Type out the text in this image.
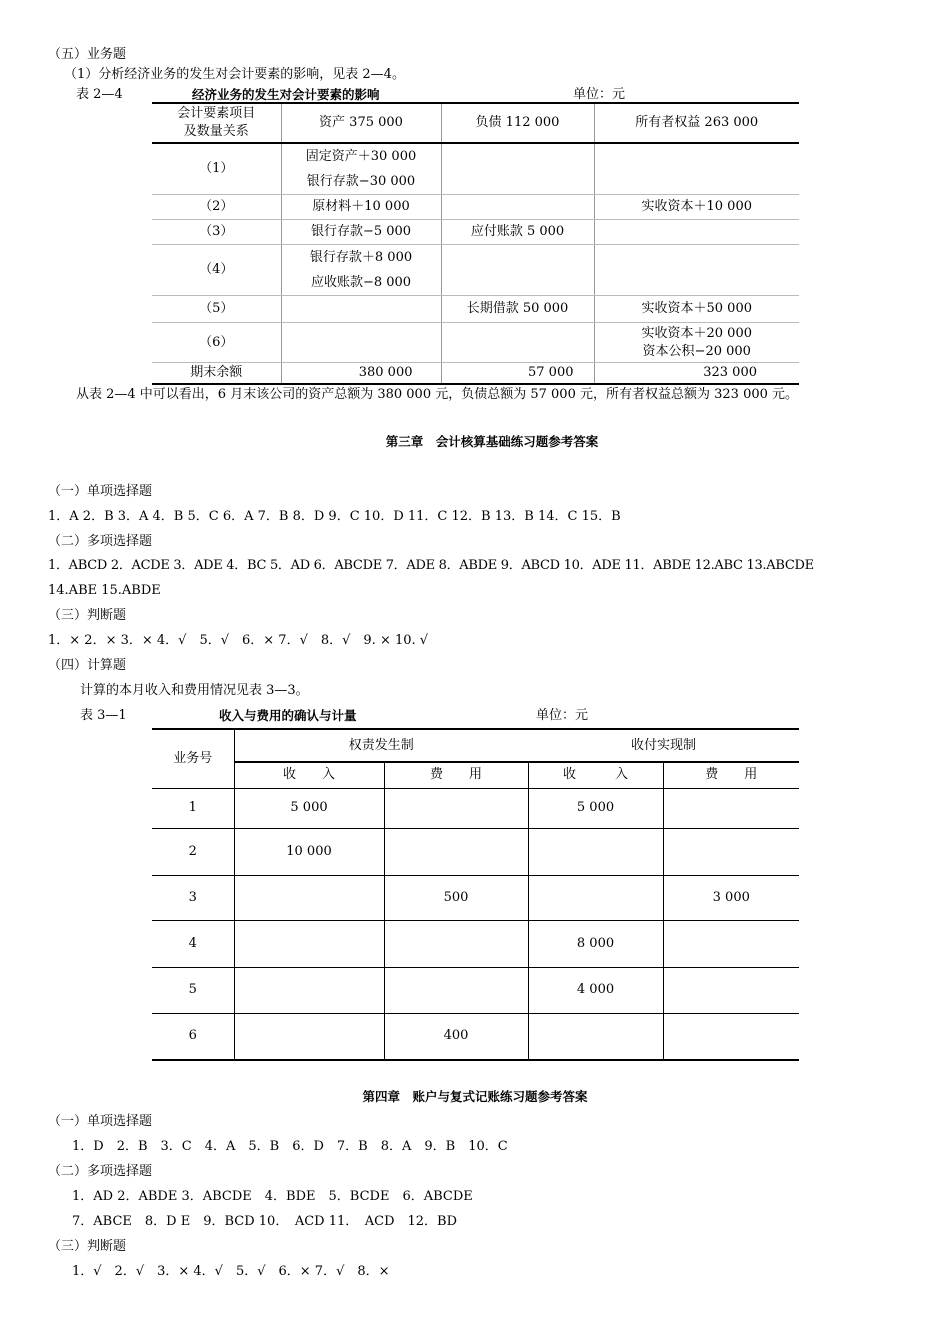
（五）业务题
（1）分析经济业务的发生对会计要素的影响，见表 2—4。
表 2—4	经济业务的发生对会计要素的影响	单位：元
会计要素项目
及数量关系	资产 375 000	负债 112 000	所有者权益 263 000
（1）	固定资产＋30 000
银行存款−30 000		

（2）	原材料＋10 000		实收资本＋10 000

（3）	银行存款−5 000	应付账款 5 000	

（4）	银行存款＋8 000
应收账款−8 000		

（5）		长期借款 50 000	实收资本＋50 000

（6）			实收资本＋20 000
资本公积−20 000

期末余额	380 000	57 000	323 000
从表 2—4 中可以看出，6 月末该公司的资产总额为 380 000 元，负债总额为 57 000 元，所有者权益总额为 323 000 元。
第三章　会计核算基础练习题参考答案
（一）单项选择题
1．A 2．B 3．A 4．B 5．C 6．A 7．B 8．D 9．C 10．D 11．C 12．B 13．B 14．C 15．B
（二）多项选择题
1．ABCD 2．ACDE 3．ADE 4．BC 5．AD 6．ABCDE 7．ADE 8．ABDE 9．ABCD 10．ADE 11．ABDE 12.ABC 13.ABCDE
14.ABE 15.ABDE
（三）判断题
1．× 2．× 3．× 4．√　5．√　6．× 7．√　8．√　9. × 10. √
（四）计算题
计算的本月收入和费用情况见表 3—3。
表 3—1	收入与费用的确认与计量	单位：元
业务号	权责发生制		收付实现制	
	收　　入	费　　用	收　　　入	费　　用
1	5 000		5 000	
2	10 000			
3		500		3 000
4			8 000	
5			4 000	
6		400		
第四章　账户与复式记账练习题参考答案
（一）单项选择题
1．D　2．B　3．C　4．A　5．B　6．D　7．B　8．A　9．B　10．C
（二）多项选择题
1．AD 2．ABDE 3．ABCDE　4．BDE　5．BCDE　6．ABCDE
7．ABCE　8．D E　9．BCD 10．　ACD 11．　ACD　12．BD
（三）判断题
1．√　2．√　3．× 4．√　5．√　6．× 7．√　8．×
